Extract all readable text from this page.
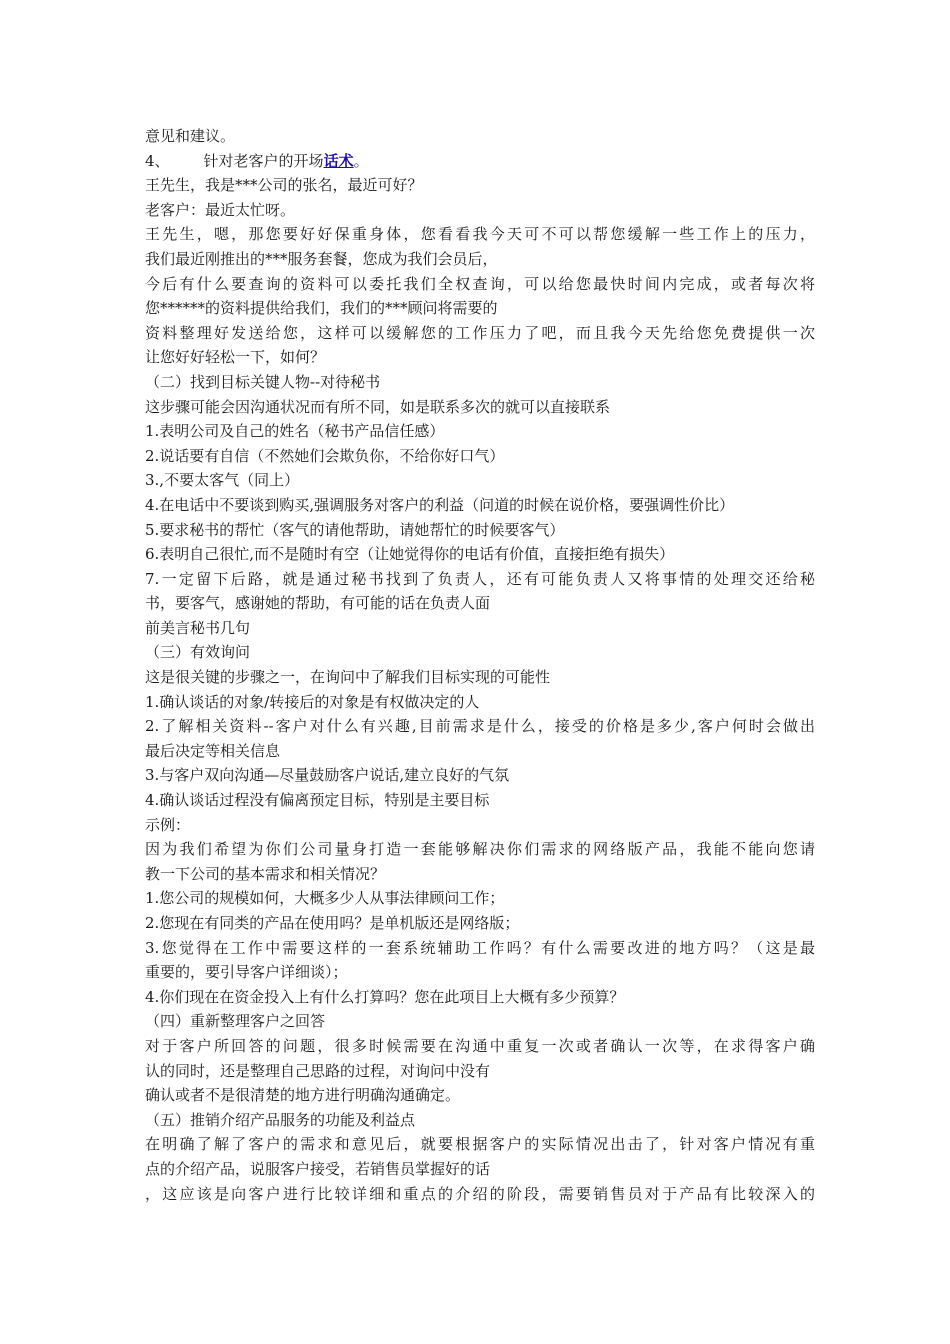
意见和建议。
4、 针对老客户的开场话术。
王先生，我是***公司的张名，最近可好？
老客户：最近太忙呀。
王先生，嗯，那您要好好保重身体，您看看我今天可不可以帮您缓解一些工作上的压力，
我们最近刚推出的***服务套餐，您成为我们会员后，
今后有什么要查询的资料可以委托我们全权查询，可以给您最快时间内完成，或者每次将
您******的资料提供给我们，我们的***顾问将需要的
资料整理好发送给您，这样可以缓解您的工作压力了吧，而且我今天先给您免费提供一次
让您好好轻松一下，如何？
（二）找到目标关键人物--对待秘书
这步骤可能会因沟通状况而有所不同，如是联系多次的就可以直接联系
1.表明公司及自己的姓名（秘书产品信任感）
2.说话要有自信（不然她们会欺负你，不给你好口气）
3.,不要太客气（同上）
4.在电话中不要谈到购买,强调服务对客户的利益（问道的时候在说价格，要强调性价比）
5.要求秘书的帮忙（客气的请他帮助，请她帮忙的时候要客气）
6.表明自己很忙,而不是随时有空（让她觉得你的电话有价值，直接拒绝有损失）
7.一定留下后路，就是通过秘书找到了负责人，还有可能负责人又将事情的处理交还给秘
书，要客气，感谢她的帮助，有可能的话在负责人面
前美言秘书几句
（三）有效询问
这是很关键的步骤之一，在询问中了解我们目标实现的可能性
1.确认谈话的对象/转接后的对象是有权做决定的人
2.了解相关资料--客户对什么有兴趣,目前需求是什么，接受的价格是多少,客户何时会做出
最后决定等相关信息
3.与客户双向沟通—尽量鼓励客户说话,建立良好的气氛
4.确认谈话过程没有偏离预定目标，特别是主要目标
示例：
因为我们希望为你们公司量身打造一套能够解决你们需求的网络版产品，我能不能向您请
教一下公司的基本需求和相关情况？
1.您公司的规模如何，大概多少人从事法律顾问工作；
2.您现在有同类的产品在使用吗？是单机版还是网络版；
3.您觉得在工作中需要这样的一套系统辅助工作吗？有什么需要改进的地方吗？（这是最
重要的，要引导客户详细谈）；
4.你们现在在资金投入上有什么打算吗？您在此项目上大概有多少预算？
（四）重新整理客户之回答
对于客户所回答的问题，很多时候需要在沟通中重复一次或者确认一次等，在求得客户确
认的同时，还是整理自己思路的过程，对询问中没有
确认或者不是很清楚的地方进行明确沟通确定。
（五）推销介绍产品服务的功能及利益点
在明确了解了客户的需求和意见后，就要根据客户的实际情况出击了，针对客户情况有重
点的介绍产品，说服客户接受，若销售员掌握好的话
，这应该是向客户进行比较详细和重点的介绍的阶段，需要销售员对于产品有比较深入的
